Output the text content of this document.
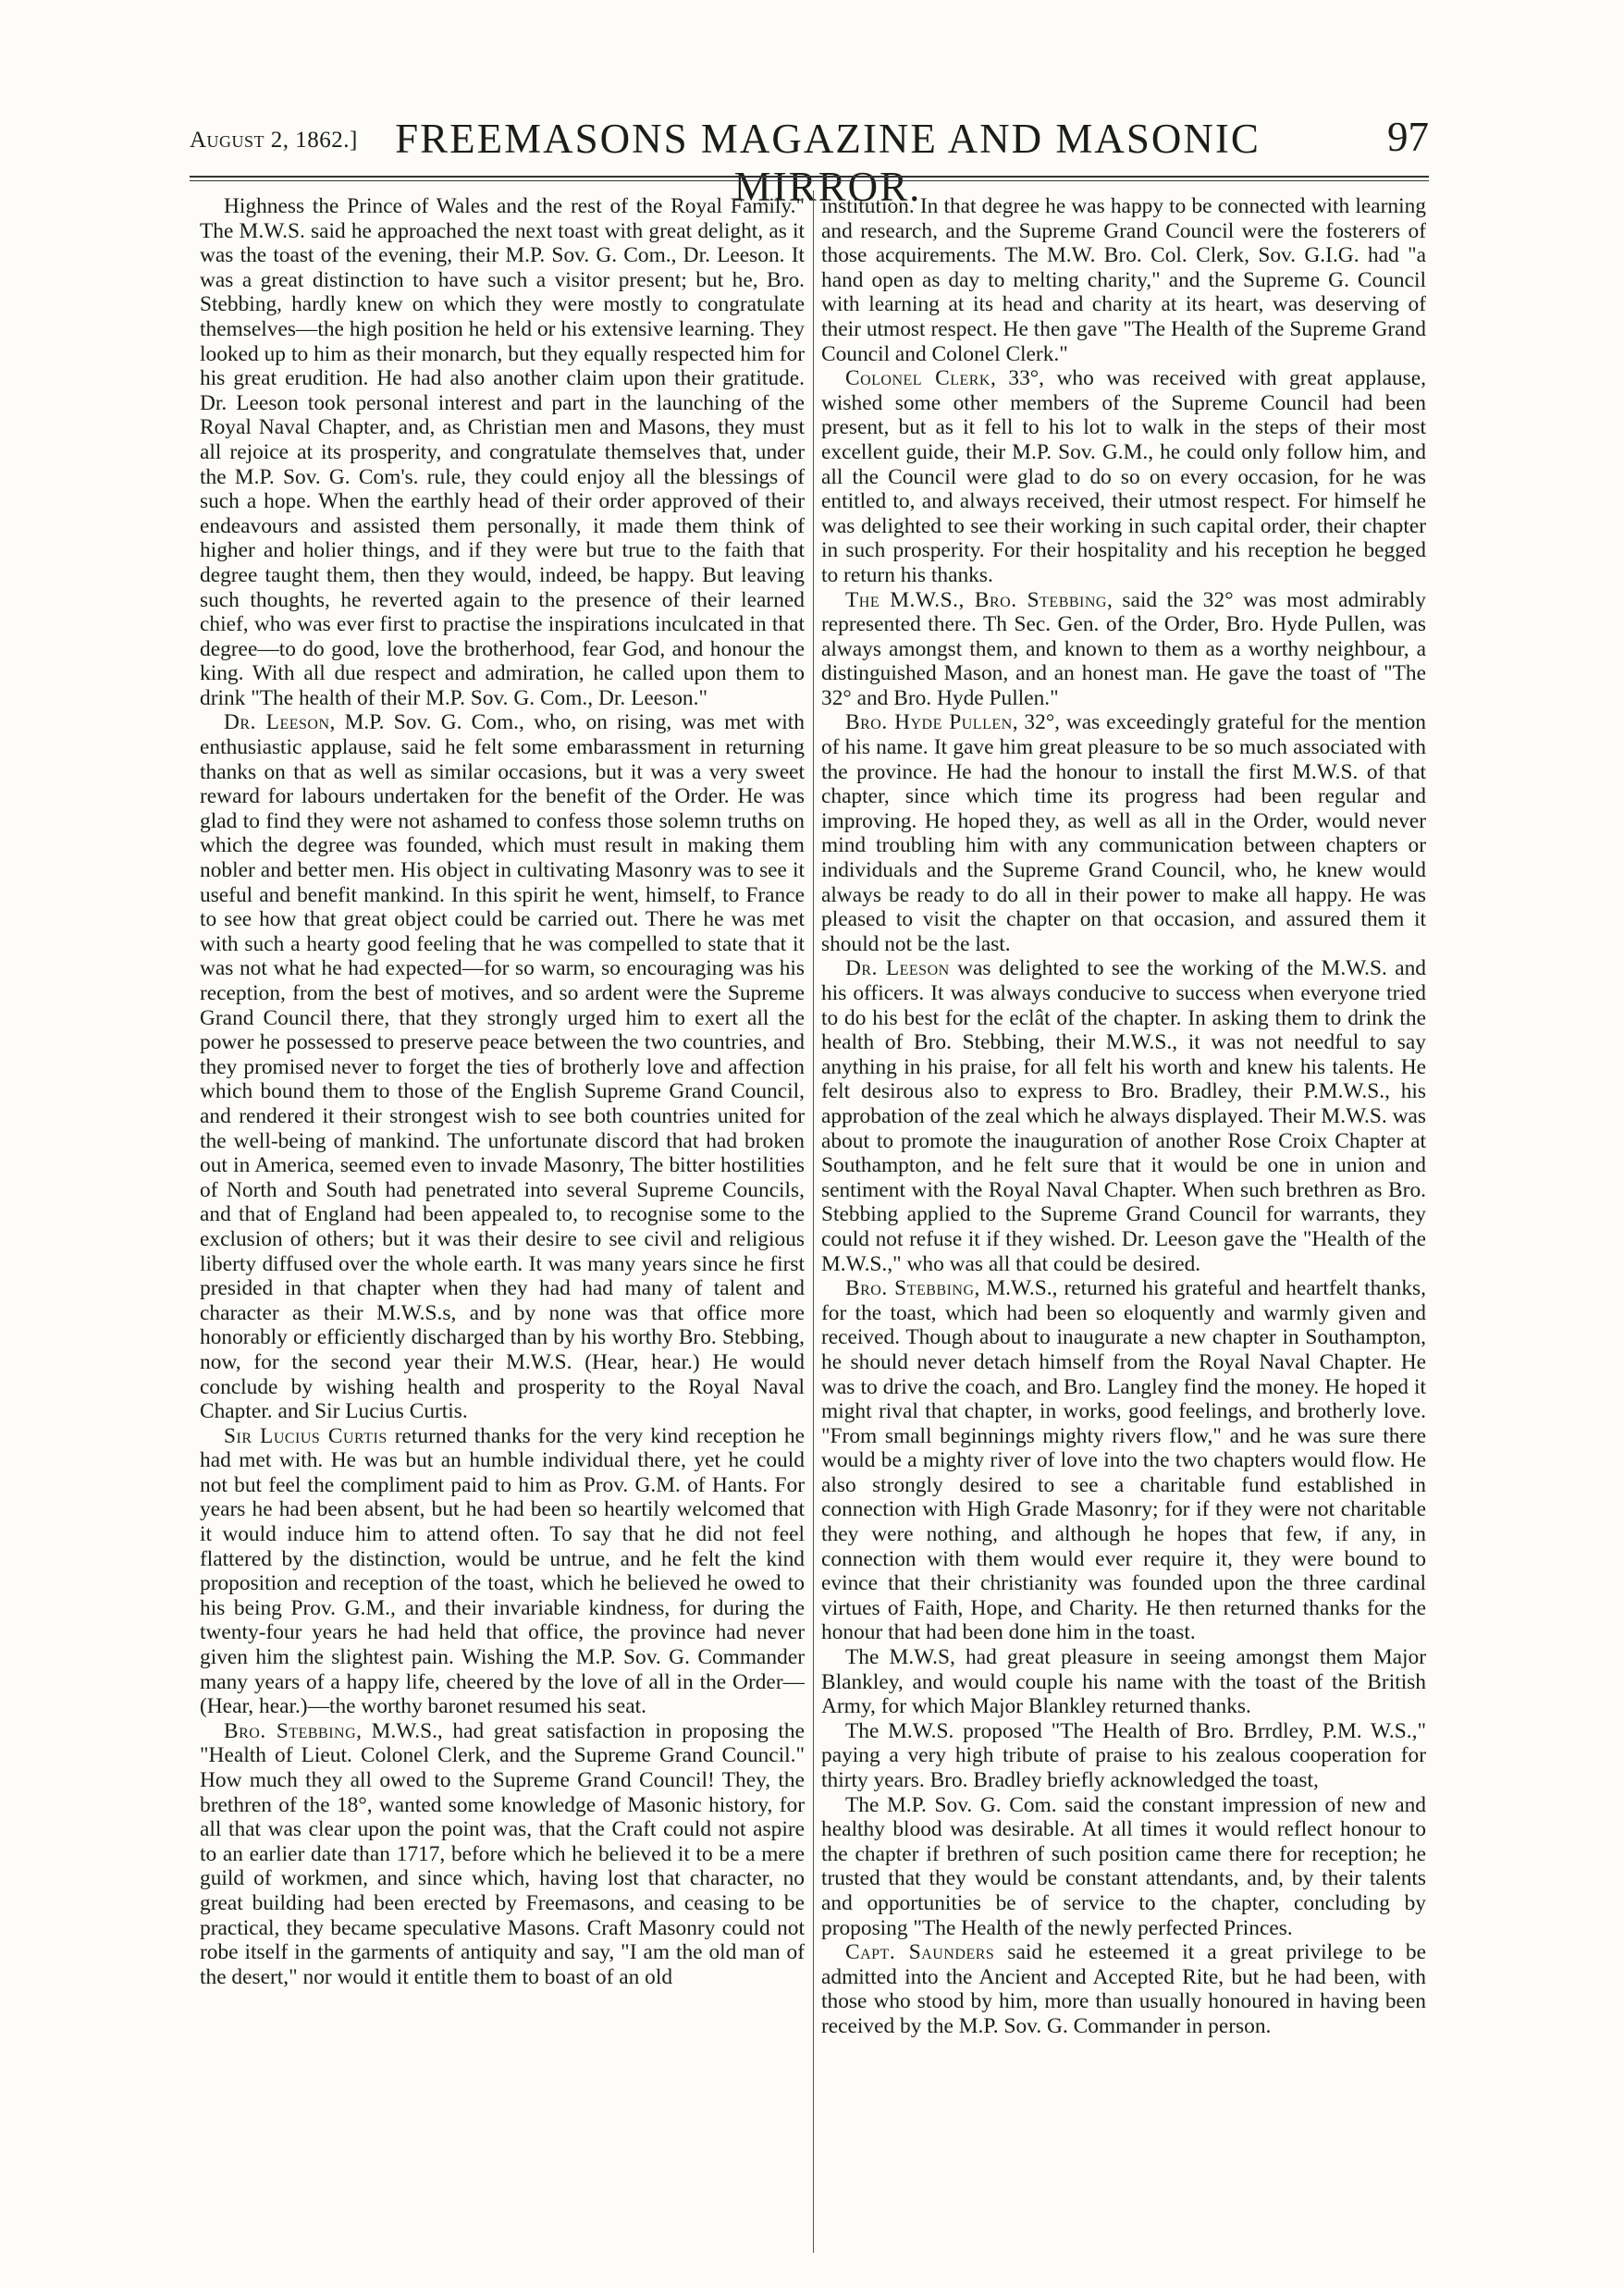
August 2, 1862.] FREEMASONS MAGAZINE AND MASONIC MIRROR.
97

Highness the Prince of Wales and the rest of the Royal Family." The M.W.S. said he approached the next toast with great delight, as it was the toast of the evening, their M.P. Sov. G. Com., Dr. Leeson. It was a great distinction to have such a visitor present; but he, Bro. Stebbing, hardly knew on which they were mostly to congratulate themselves—the high position he held or his extensive learning. They looked up to him as their monarch, but they equally respected him for his great erudition. He had also another claim upon their gratitude. Dr. Leeson took personal interest and part in the launching of the Royal Naval Chapter, and, as Christian men and Masons, they must all rejoice at its prosperity, and congratulate themselves that, under the M.P. Sov. G. Com's. rule, they could enjoy all the blessings of such a hope. When the earthly head of their order approved of their endeavours and assisted them personally, it made them think of higher and holier things, and if they were but true to the faith that degree taught them, then they would, indeed, be happy. But leaving such thoughts, he reverted again to the presence of their learned chief, who was ever first to practise the inspirations inculcated in that degree—to do good, love the brotherhood, fear God, and honour the king. With all due respect and admiration, he called upon them to drink "The health of their M.P. Sov. G. Com., Dr. Leeson."

Dr. Leeson, M.P. Sov. G. Com., who, on rising, was met with enthusiastic applause, said he felt some embarassment in returning thanks on that as well as similar occasions, but it was a very sweet reward for labours undertaken for the benefit of the Order. He was glad to find they were not ashamed to confess those solemn truths on which the degree was founded, which must result in making them nobler and better men. His object in cultivating Masonry was to see it useful and benefit mankind. In this spirit he went, himself, to France to see how that great object could be carried out. There he was met with such a hearty good feeling that he was compelled to state that it was not what he had expected—for so warm, so encouraging was his reception, from the best of motives, and so ardent were the Supreme Grand Council there, that they strongly urged him to exert all the power he possessed to preserve peace between the two countries, and they promised never to forget the ties of brotherly love and affection which bound them to those of the English Supreme Grand Council, and rendered it their strongest wish to see both countries united for the well-being of mankind. The unfortunate discord that had broken out in America, seemed even to invade Masonry, The bitter hostilities of North and South had penetrated into several Supreme Councils, and that of England had been appealed to, to recognise some to the exclusion of others; but it was their desire to see civil and religious liberty diffused over the whole earth. It was many years since he first presided in that chapter when they had had many of talent and character as their M.W.S.s, and by none was that office more honorably or efficiently discharged than by his worthy Bro. Stebbing, now, for the second year their M.W.S. (Hear, hear.) He would conclude by wishing health and prosperity to the Royal Naval Chapter. and Sir Lucius Curtis.

Sir Lucius Curtis returned thanks for the very kind reception he had met with. He was but an humble individual there, yet he could not but feel the compliment paid to him as Prov. G.M. of Hants. For years he had been absent, but he had been so heartily welcomed that it would induce him to attend often. To say that he did not feel flattered by the distinction, would be untrue, and he felt the kind proposition and reception of the toast, which he believed he owed to his being Prov. G.M., and their invariable kindness, for during the twenty-four years he had held that office, the province had never given him the slightest pain. Wishing the M.P. Sov. G. Commander many years of a happy life, cheered by the love of all in the Order—(Hear, hear.)—the worthy baronet resumed his seat.

Bro. Stebbing, M.W.S., had great satisfaction in proposing the "Health of Lieut. Colonel Clerk, and the Supreme Grand Council." How much they all owed to the Supreme Grand Council! They, the brethren of the 18°, wanted some knowledge of Masonic history, for all that was clear upon the point was, that the Craft could not aspire to an earlier date than 1717, before which he believed it to be a mere guild of workmen, and since which, having lost that character, no great building had been erected by Freemasons, and ceasing to be practical, they became speculative Masons. Craft Masonry could not robe itself in the garments of antiquity and say, "I am the old man of the desert," nor would it entitle them to boast of an old

institution. In that degree he was happy to be connected with learning and research, and the Supreme Grand Council were the fosterers of those acquirements. The M.W. Bro. Col. Clerk, Sov. G.I.G. had "a hand open as day to melting charity," and the Supreme G. Council with learning at its head and charity at its heart, was deserving of their utmost respect. He then gave "The Health of the Supreme Grand Council and Colonel Clerk."

Colonel Clerk, 33°, who was received with great applause, wished some other members of the Supreme Council had been present, but as it fell to his lot to walk in the steps of their most excellent guide, their M.P. Sov. G.M., he could only follow him, and all the Council were glad to do so on every occasion, for he was entitled to, and always received, their utmost respect. For himself he was delighted to see their working in such capital order, their chapter in such prosperity. For their hospitality and his reception he begged to return his thanks.

The M.W.S., Bro. Stebbing, said the 32° was most admirably represented there. Th Sec. Gen. of the Order, Bro. Hyde Pullen, was always amongst them, and known to them as a worthy neighbour, a distinguished Mason, and an honest man. He gave the toast of "The 32° and Bro. Hyde Pullen."

Bro. Hyde Pullen, 32°, was exceedingly grateful for the mention of his name. It gave him great pleasure to be so much associated with the province. He had the honour to install the first M.W.S. of that chapter, since which time its progress had been regular and improving. He hoped they, as well as all in the Order, would never mind troubling him with any communication between chapters or individuals and the Supreme Grand Council, who, he knew would always be ready to do all in their power to make all happy. He was pleased to visit the chapter on that occasion, and assured them it should not be the last.

Dr. Leeson was delighted to see the working of the M.W.S. and his officers. It was always conducive to success when everyone tried to do his best for the eclât of the chapter. In asking them to drink the health of Bro. Stebbing, their M.W.S., it was not needful to say anything in his praise, for all felt his worth and knew his talents. He felt desirous also to express to Bro. Bradley, their P.M.W.S., his approbation of the zeal which he always displayed. Their M.W.S. was about to promote the inauguration of another Rose Croix Chapter at Southampton, and he felt sure that it would be one in union and sentiment with the Royal Naval Chapter. When such brethren as Bro. Stebbing applied to the Supreme Grand Council for warrants, they could not refuse it if they wished. Dr. Leeson gave the "Health of the M.W.S.," who was all that could be desired.

Bro. Stebbing, M.W.S., returned his grateful and heartfelt thanks, for the toast, which had been so eloquently and warmly given and received. Though about to inaugurate a new chapter in Southampton, he should never detach himself from the Royal Naval Chapter. He was to drive the coach, and Bro. Langley find the money. He hoped it might rival that chapter, in works, good feelings, and brotherly love. "From small beginnings mighty rivers flow," and he was sure there would be a mighty river of love into the two chapters would flow. He also strongly desired to see a charitable fund established in connection with High Grade Masonry; for if they were not charitable they were nothing, and although he hopes that few, if any, in connection with them would ever require it, they were bound to evince that their christianity was founded upon the three cardinal virtues of Faith, Hope, and Charity. He then returned thanks for the honour that had been done him in the toast.

The M.W.S, had great pleasure in seeing amongst them Major Blankley, and would couple his name with the toast of the British Army, for which Major Blankley returned thanks.

The M.W.S. proposed "The Health of Bro. Brrdley, P.M. W.S.," paying a very high tribute of praise to his zealous cooperation for thirty years. Bro. Bradley briefly acknowledged the toast,

The M.P. Sov. G. Com. said the constant impression of new and healthy blood was desirable. At all times it would reflect honour to the chapter if brethren of such position came there for reception; he trusted that they would be constant attendants, and, by their talents and opportunities be of service to the chapter, concluding by proposing "The Health of the newly perfected Princes.

Capt. Saunders said he esteemed it a great privilege to be admitted into the Ancient and Accepted Rite, but he had been, with those who stood by him, more than usually honoured in having been received by the M.P. Sov. G. Commander in person.
